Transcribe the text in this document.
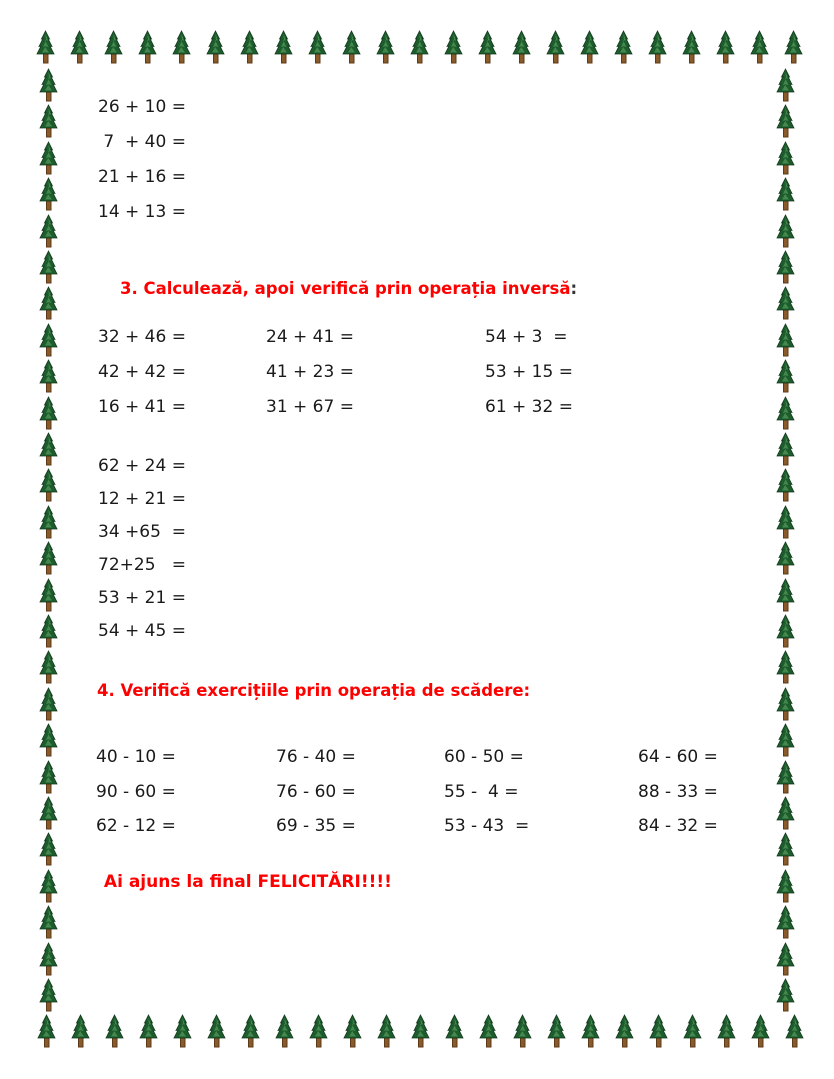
26 + 10 =
7  + 40 =
21 + 16 =
14 + 13 =

3. Calculează, apoi verifică prin operația inversă:

32 + 46 =	24 + 41 =	54 + 3  =
42 + 42 =	41 + 23 =	53 + 15 =
16 + 41 =	31 + 67 =	61 + 32 =
62 + 24 =
12 + 21 =
34 +65  =
72+25   =
53 + 21 =
54 + 45 =
4. Verifică exercițiile prin operația de scădere:
40 - 10 =	76 - 40 =	60 - 50 =	64 - 60 =
90 - 60 =	76 - 60 =	55 -  4 =	88 - 33 =
62 - 12 =	69 - 35 =	53 - 43  =	84 - 32 =
Ai ajuns la final FELICITĂRI!!!!
